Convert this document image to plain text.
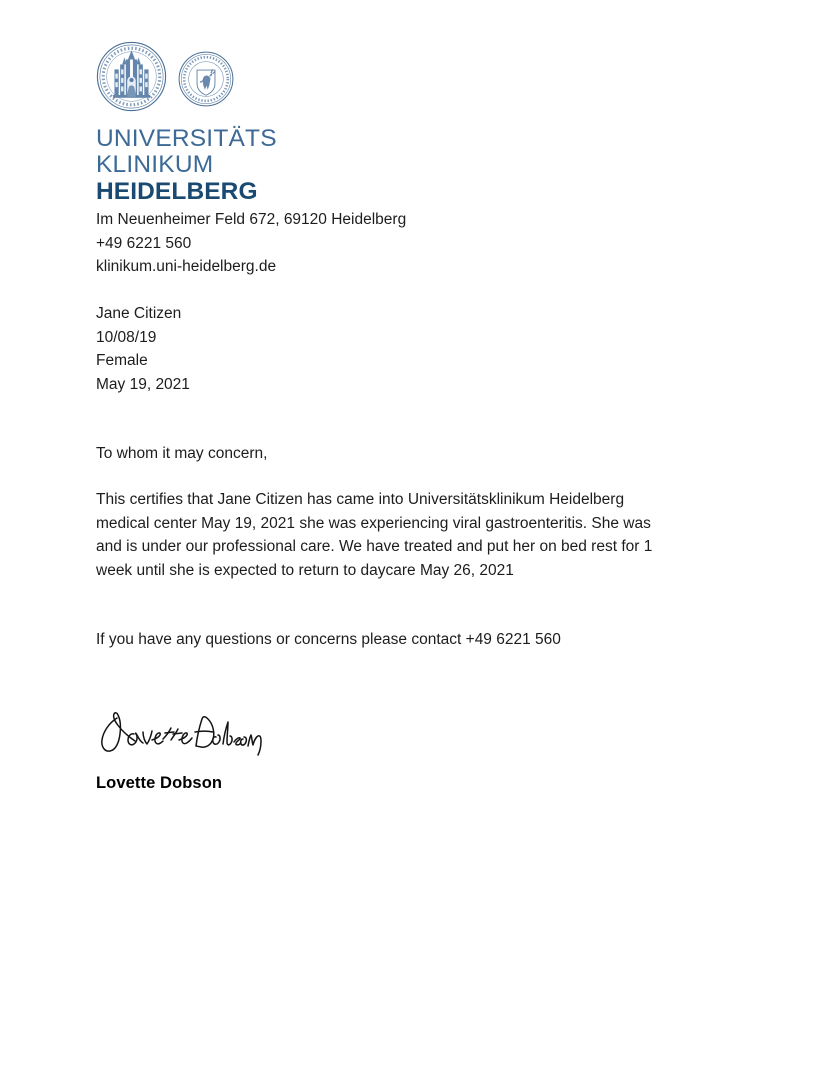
UNIVERSITÄTS
KLINIKUM
HEIDELBERG
Im Neuenheimer Feld 672, 69120 Heidelberg
+49 6221 560
klinikum.uni-heidelberg.de
Jane Citizen
10/08/19
Female
May 19, 2021
To whom it may concern,

This certifies that Jane Citizen has came into Universitätsklinikum Heidelberg medical center May 19, 2021 she was experiencing viral gastroenteritis. She was and is under our professional care. We have treated and put her on bed rest for 1 week until she is expected to return to daycare May 26, 2021

If you have any questions or concerns please contact +49 6221 560
Lovette Dobson
